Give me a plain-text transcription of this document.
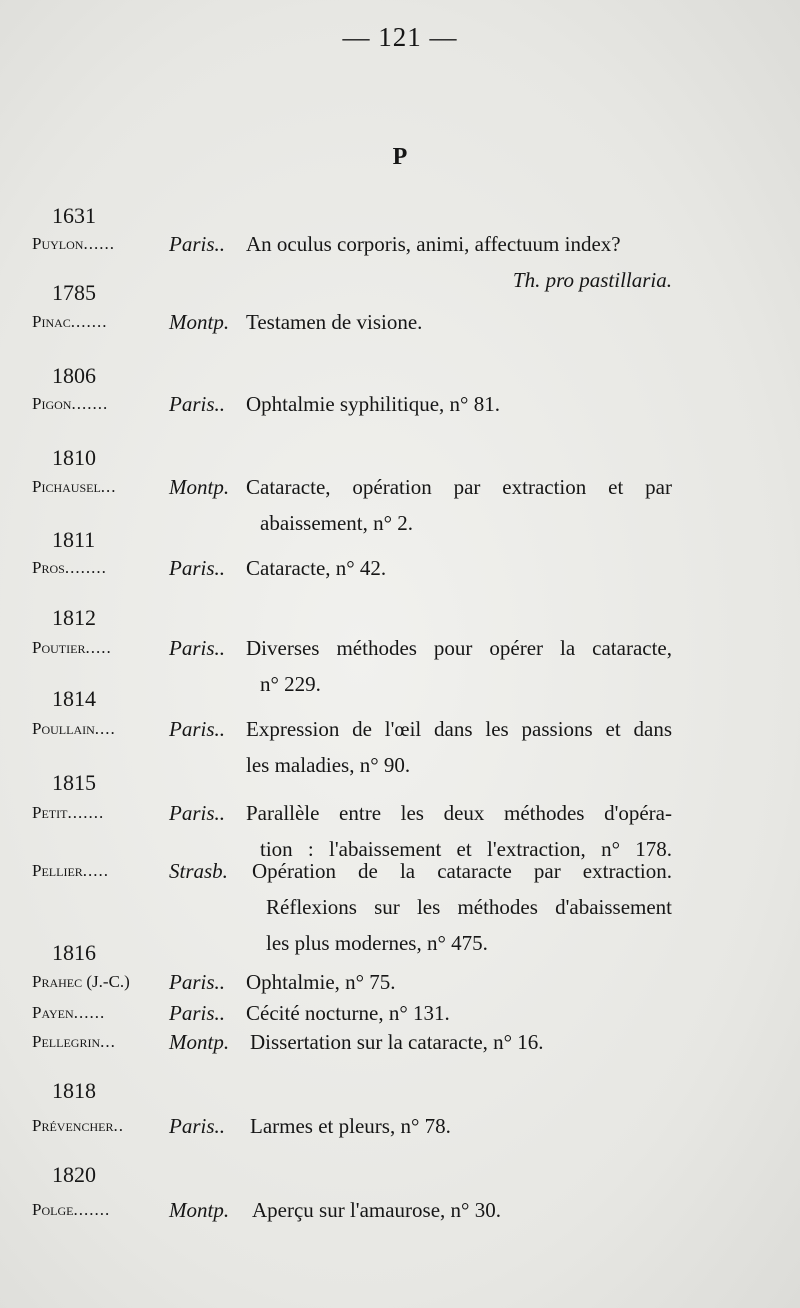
— 121 —
P
1631
Puylon......	Paris.. An oculus corporis, animi, affectuum index?
Th. pro pastillaria.
1785
Pinac.......	Montp. Testamen de visione.
1806
Pigon.......	Paris.. Ophtalmie syphilitique, n° 81.
1810
Pichausel...	Montp. Cataracte, opération par extraction et par
abaissement, n° 2.
1811
Pros........	Paris.. Cataracte, n° 42.
1812
Poutier.....	Paris.. Diverses méthodes pour opérer la cataracte,
n° 229.
1814
Poullain....	Paris.. Expression de l'œil dans les passions et dans
les maladies, n° 90.
1815
Petit.......	Paris.. Parallèle entre les deux méthodes d'opéra-
tion : l'abaissement et l'extraction, n° 178.
Pellier.....	Strasb. Opération de la cataracte par extraction.
Réflexions sur les méthodes d'abaissement
les plus modernes, n° 475.
1816
Prahec (J.-C.)	Paris.. Ophtalmie, n° 75.
Payen......	Paris.. Cécité nocturne, n° 131.
Pellegrin...	Montp. Dissertation sur la cataracte, n° 16.
1818
Prévencher..	Paris.. Larmes et pleurs, n° 78.
1820
Polge.......	Montp. Aperçu sur l'amaurose, n° 30.
